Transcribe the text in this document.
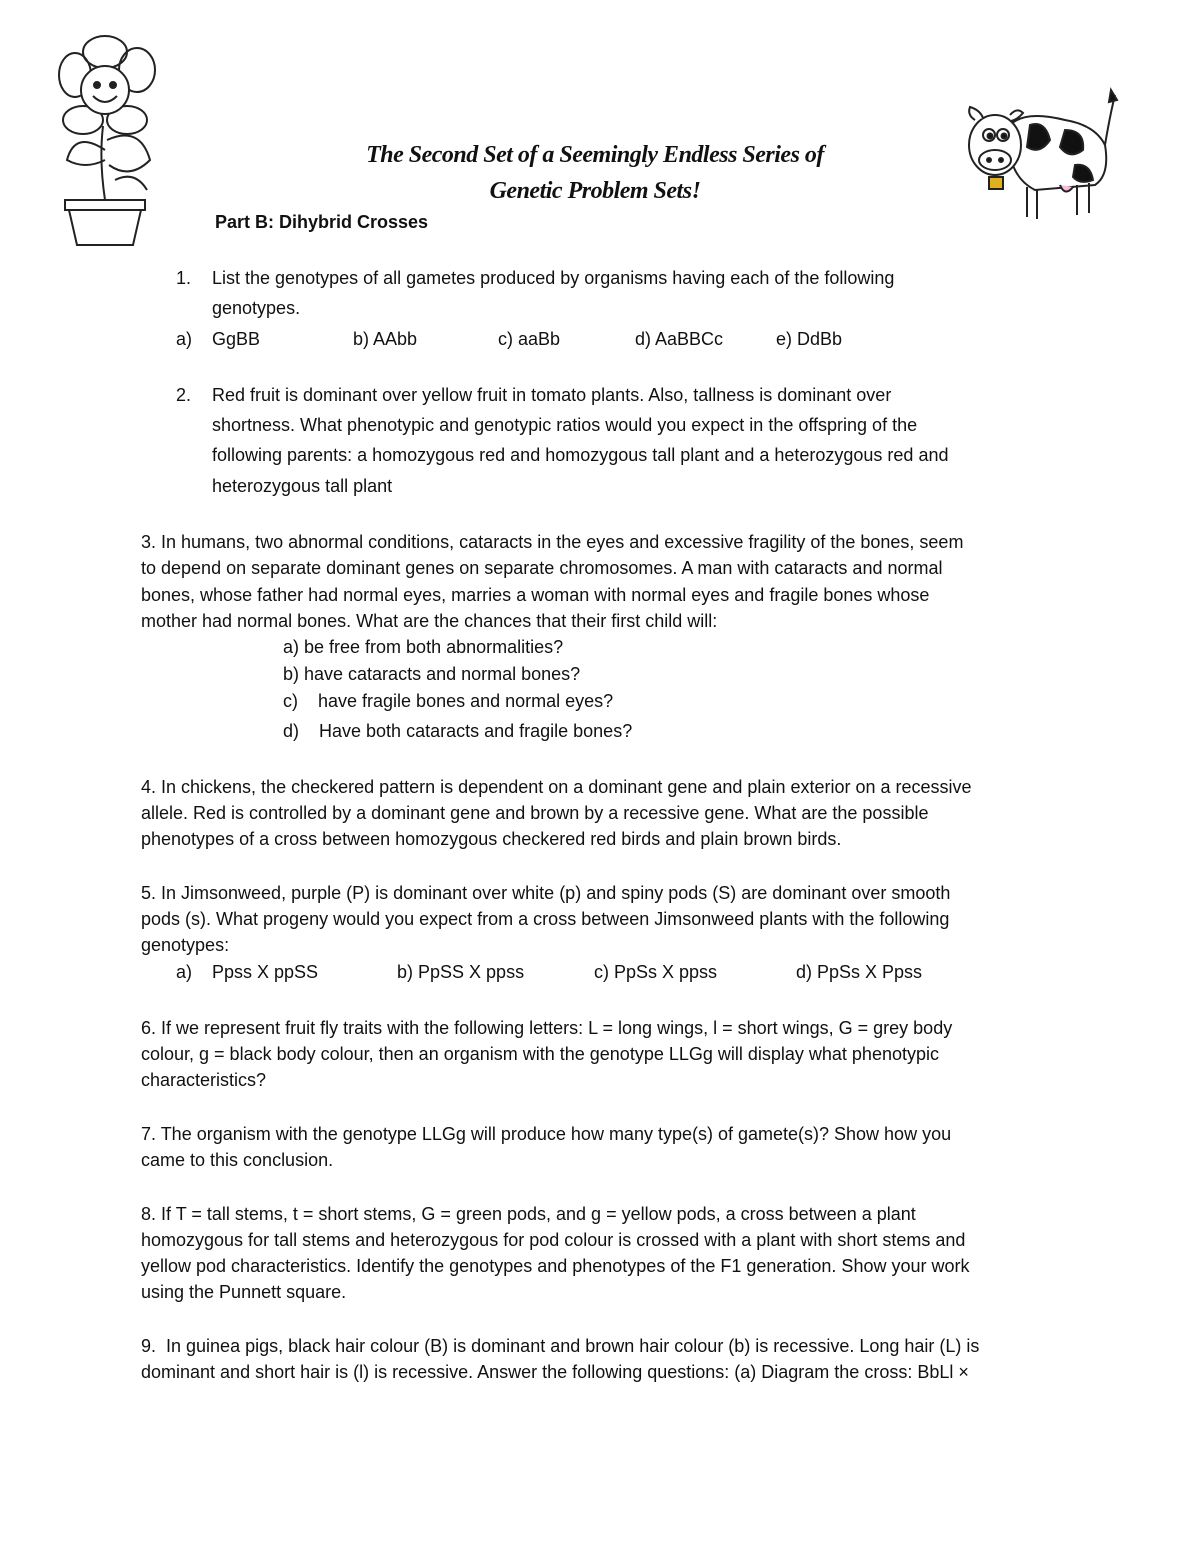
The Second Set of a Seemingly Endless Series of
Genetic Problem Sets!
Part B: Dihybrid Crosses
1. List the genotypes of all gametes produced by organisms having each of the following
genotypes.
a) GgBB	b) AAbb	c) aaBb	d) AaBBCc	e) DdBb
2. Red fruit is dominant over yellow fruit in tomato plants. Also, tallness is dominant over
shortness. What phenotypic and genotypic ratios would you expect in the offspring of the
following parents: a homozygous red and homozygous tall plant and a heterozygous red and
heterozygous tall plant
3. In humans, two abnormal conditions, cataracts in the eyes and excessive fragility of the bones, seem
to depend on separate dominant genes on separate chromosomes. A man with cataracts and normal
bones, whose father had normal eyes, marries a woman with normal eyes and fragile bones whose
mother had normal bones. What are the chances that their first child will:
a) be free from both abnormalities?
b) have cataracts and normal bones?
c)    have fragile bones and normal eyes?
d)    Have both cataracts and fragile bones?
4. In chickens, the checkered pattern is dependent on a dominant gene and plain exterior on a recessive
allele. Red is controlled by a dominant gene and brown by a recessive gene. What are the possible
phenotypes of a cross between homozygous checkered red birds and plain brown birds.
5. In Jimsonweed, purple (P) is dominant over white (p) and spiny pods (S) are dominant over smooth
pods (s). What progeny would you expect from a cross between Jimsonweed plants with the following
genotypes:
a) Ppss X ppSS	b) PpSS X ppss	c) PpSs X ppss	d) PpSs X Ppss
6. If we represent fruit fly traits with the following letters: L = long wings, l = short wings, G = grey body
colour, g = black body colour, then an organism with the genotype LLGg will display what phenotypic
characteristics?
7. The organism with the genotype LLGg will produce how many type(s) of gamete(s)? Show how you
came to this conclusion.
8. If T = tall stems, t = short stems, G = green pods, and g = yellow pods, a cross between a plant
homozygous for tall stems and heterozygous for pod colour is crossed with a plant with short stems and
yellow pod characteristics. Identify the genotypes and phenotypes of the F1 generation. Show your work
using the Punnett square.
9.  In guinea pigs, black hair colour (B) is dominant and brown hair colour (b) is recessive. Long hair (L) is
dominant and short hair is (l) is recessive. Answer the following questions: (a) Diagram the cross: BbLl ×
